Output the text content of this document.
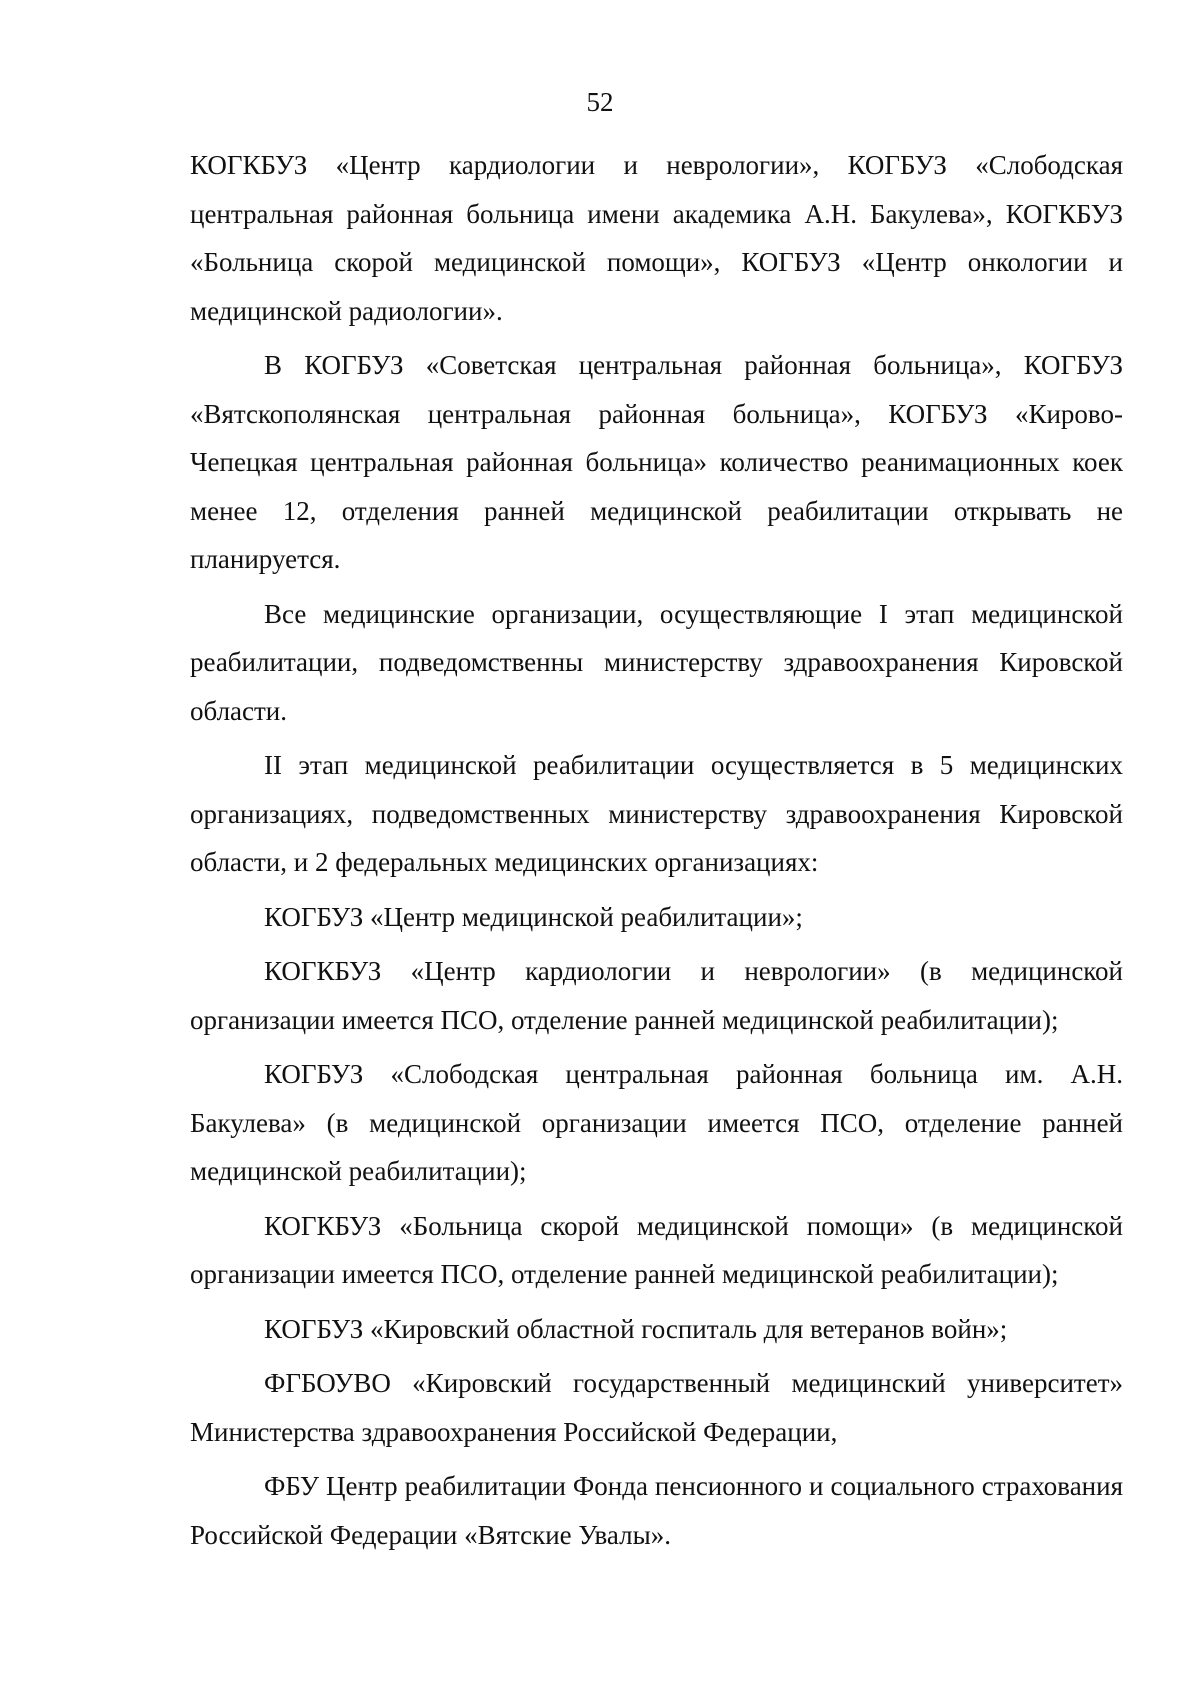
52

КОГКБУЗ «Центр кардиологии и неврологии», КОГБУЗ «Слободская центральная районная больница имени академика А.Н. Бакулева», КОГКБУЗ «Больница скорой медицинской помощи», КОГБУЗ «Центр онкологии и медицинской радиологии».

В КОГБУЗ «Советская центральная районная больница», КОГБУЗ «Вятскополянская центральная районная больница», КОГБУЗ «Кирово-Чепецкая центральная районная больница» количество реанимационных коек менее 12, отделения ранней медицинской реабилитации открывать не планируется.

Все медицинские организации, осуществляющие I этап медицинской реабилитации, подведомственны министерству здравоохранения Кировской области.

II этап медицинской реабилитации осуществляется в 5 медицинских организациях, подведомственных министерству здравоохранения Кировской области, и 2 федеральных медицинских организациях:

КОГБУЗ «Центр медицинской реабилитации»;

КОГКБУЗ «Центр кардиологии и неврологии» (в медицинской организации имеется ПСО, отделение ранней медицинской реабилитации);

КОГБУЗ «Слободская центральная районная больница им. А.Н. Бакулева» (в медицинской организации имеется ПСО, отделение ранней медицинской реабилитации);

КОГКБУЗ «Больница скорой медицинской помощи» (в медицинской организации имеется ПСО, отделение ранней медицинской реабилитации);

КОГБУЗ «Кировский областной госпиталь для ветеранов войн»;

ФГБОУВО «Кировский государственный медицинский университет» Министерства здравоохранения Российской Федерации,

ФБУ Центр реабилитации Фонда пенсионного и социального страхования Российской Федерации «Вятские Увалы».
